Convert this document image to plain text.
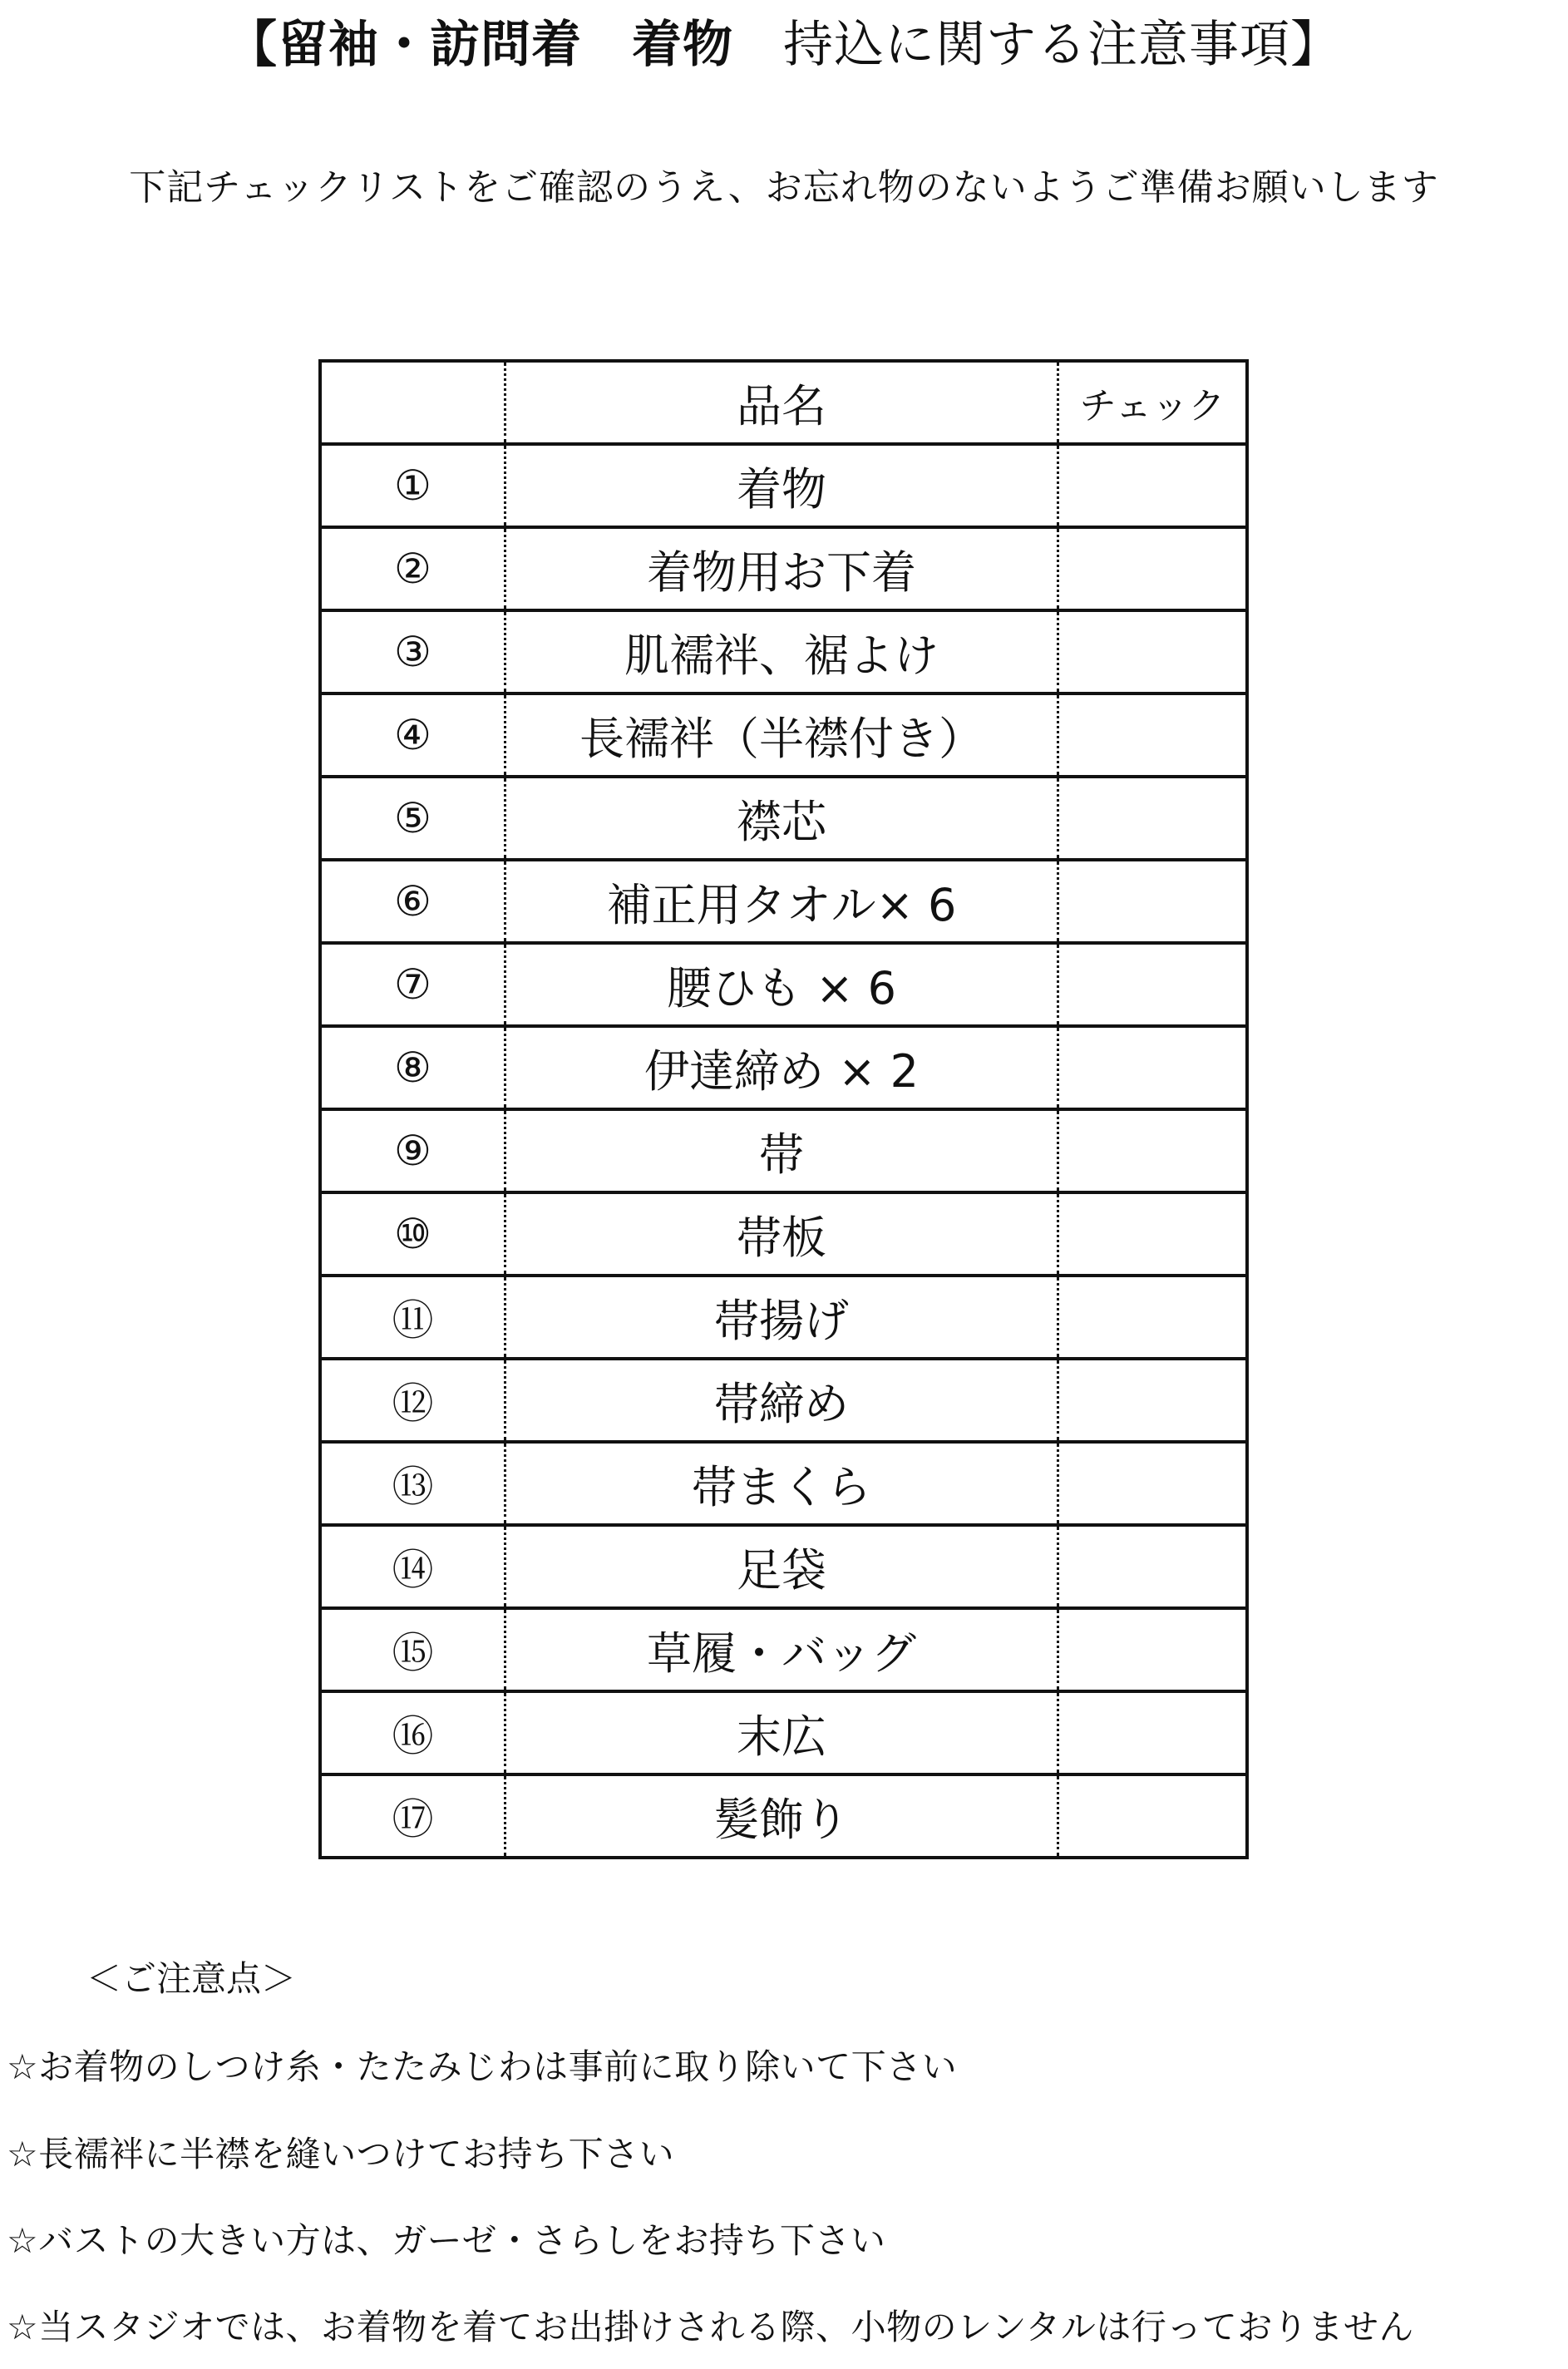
【留袖・訪問着 着物 持込に関する注意事項】
下記チェックリストをご確認のうえ、お忘れ物のないようご準備お願いします
	品名	チェック
①	着物	
②	着物用お下着	
③	肌襦袢、裾よけ	
④	長襦袢（半襟付き）	
⑤	襟芯	
⑥	補正用タオル× 6	
⑦	腰ひも × 6	
⑧	伊達締め × 2	
⑨	帯	
⑩	帯板	
⑪	帯揚げ	
⑫	帯締め	
⑬	帯まくら	
⑭	足袋	
⑮	草履・バッグ	
⑯	末広	
⑰	髪飾り	
＜ご注意点＞
☆お着物のしつけ糸・たたみじわは事前に取り除いて下さい
☆長襦袢に半襟を縫いつけてお持ち下さい
☆バストの大きい方は、ガーゼ・さらしをお持ち下さい
☆当スタジオでは、お着物を着てお出掛けされる際、小物のレンタルは行っておりません
